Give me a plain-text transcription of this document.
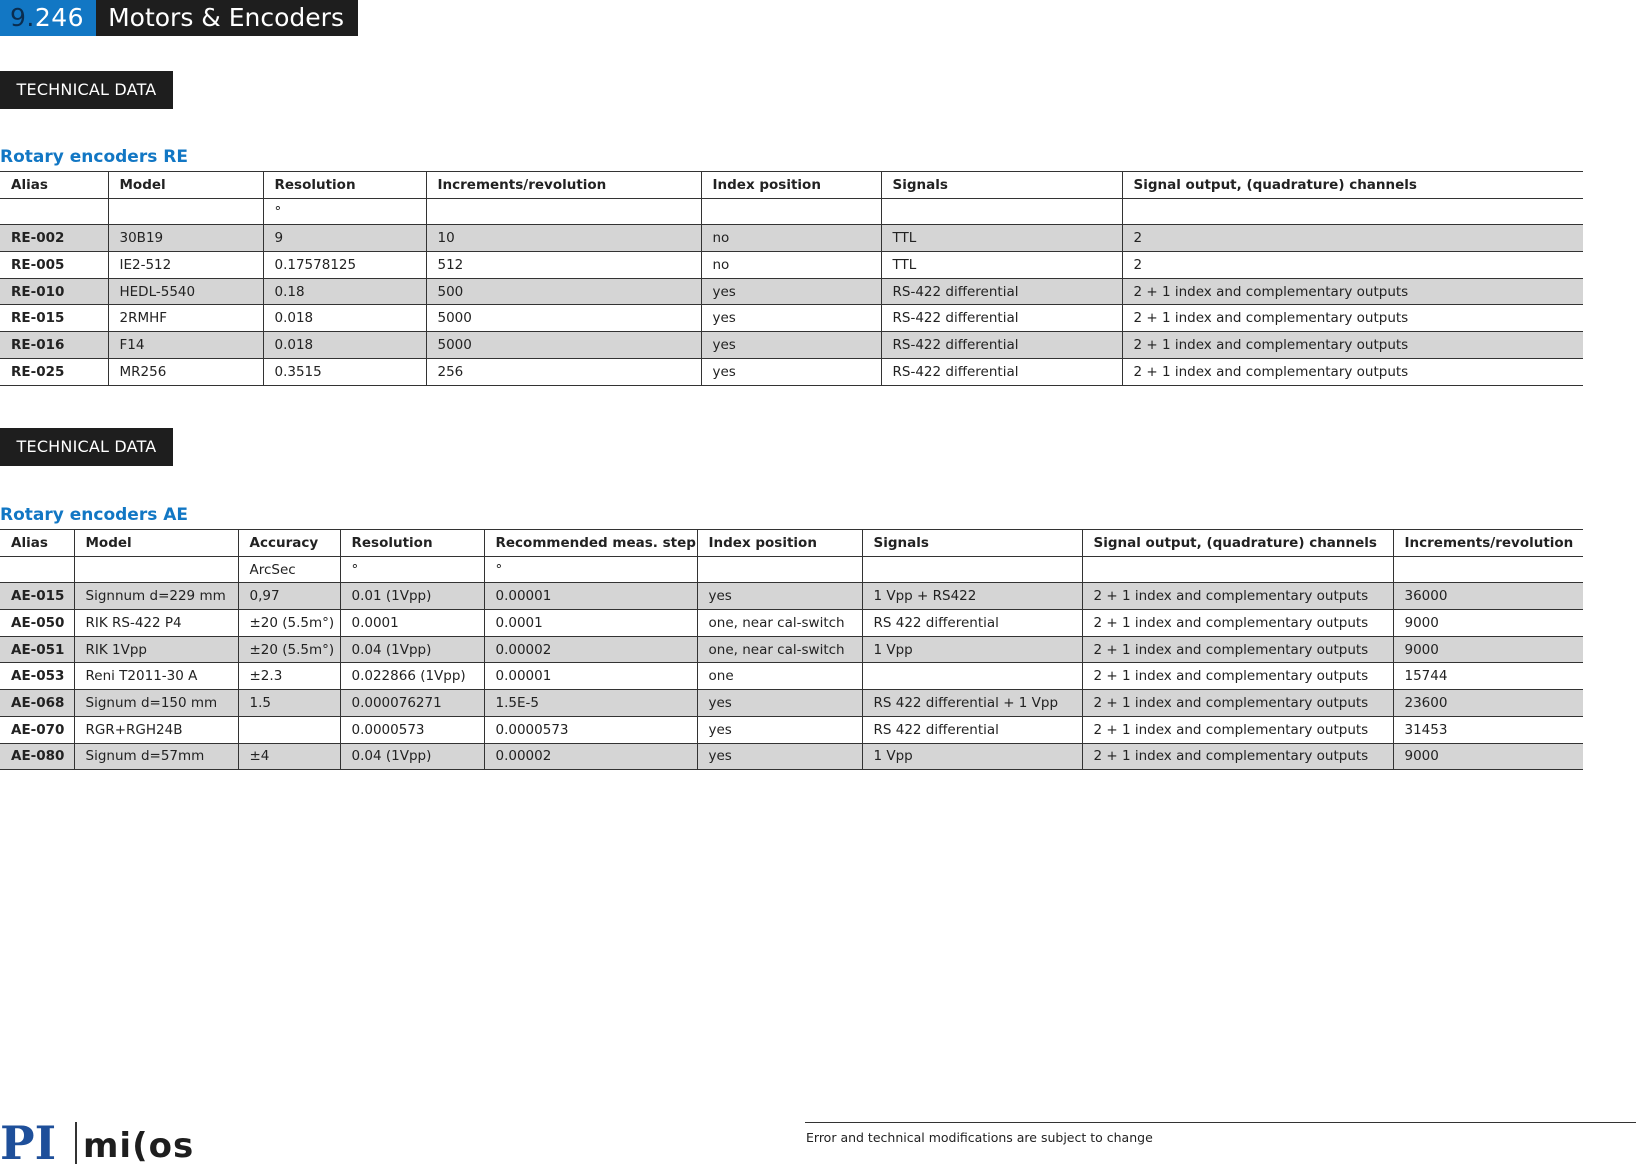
9.246 Motors & Encoders
TECHNICAL DATA
Rotary encoders RE
Alias	Model	Resolution	Increments/revolution	Index position	Signals	Signal output, (quadrature) channels
		°				
RE-002	30B19	9	10	no	TTL	2
RE-005	IE2-512	0.17578125	512	no	TTL	2
RE-010	HEDL-5540	0.18	500	yes	RS-422 differential	2 + 1 index and complementary outputs
RE-015	2RMHF	0.018	5000	yes	RS-422 differential	2 + 1 index and complementary outputs
RE-016	F14	0.018	5000	yes	RS-422 differential	2 + 1 index and complementary outputs
RE-025	MR256	0.3515	256	yes	RS-422 differential	2 + 1 index and complementary outputs
TECHNICAL DATA
Rotary encoders AE
Alias	Model	Accuracy	Resolution	Recommended meas. step	Index position	Signals	Signal output, (quadrature) channels	Increments/revolution
		ArcSec	°	°				
AE-015	Signnum d=229 mm	0,97	0.01 (1Vpp)	0.00001	yes	1 Vpp + RS422	2 + 1 index and complementary outputs	36000
AE-050	RIK RS-422 P4	±20 (5.5m°)	0.0001	0.0001	one, near cal-switch	RS 422 differential	2 + 1 index and complementary outputs	9000
AE-051	RIK 1Vpp	±20 (5.5m°)	0.04 (1Vpp)	0.00002	one, near cal-switch	1 Vpp	2 + 1 index and complementary outputs	9000
AE-053	Reni T2011-30 A	±2.3	0.022866 (1Vpp)	0.00001	one		2 + 1 index and complementary outputs	15744
AE-068	Signum d=150 mm	1.5	0.000076271	1.5E-5	yes	RS 422 differential + 1 Vpp	2 + 1 index and complementary outputs	23600
AE-070	RGR+RGH24B		0.0000573	0.0000573	yes	RS 422 differential	2 + 1 index and complementary outputs	31453
AE-080	Signum d=57mm	±4	0.04 (1Vpp)	0.00002	yes	1 Vpp	2 + 1 index and complementary outputs	9000
PI mi(os	Error and technical modifications are subject to change
